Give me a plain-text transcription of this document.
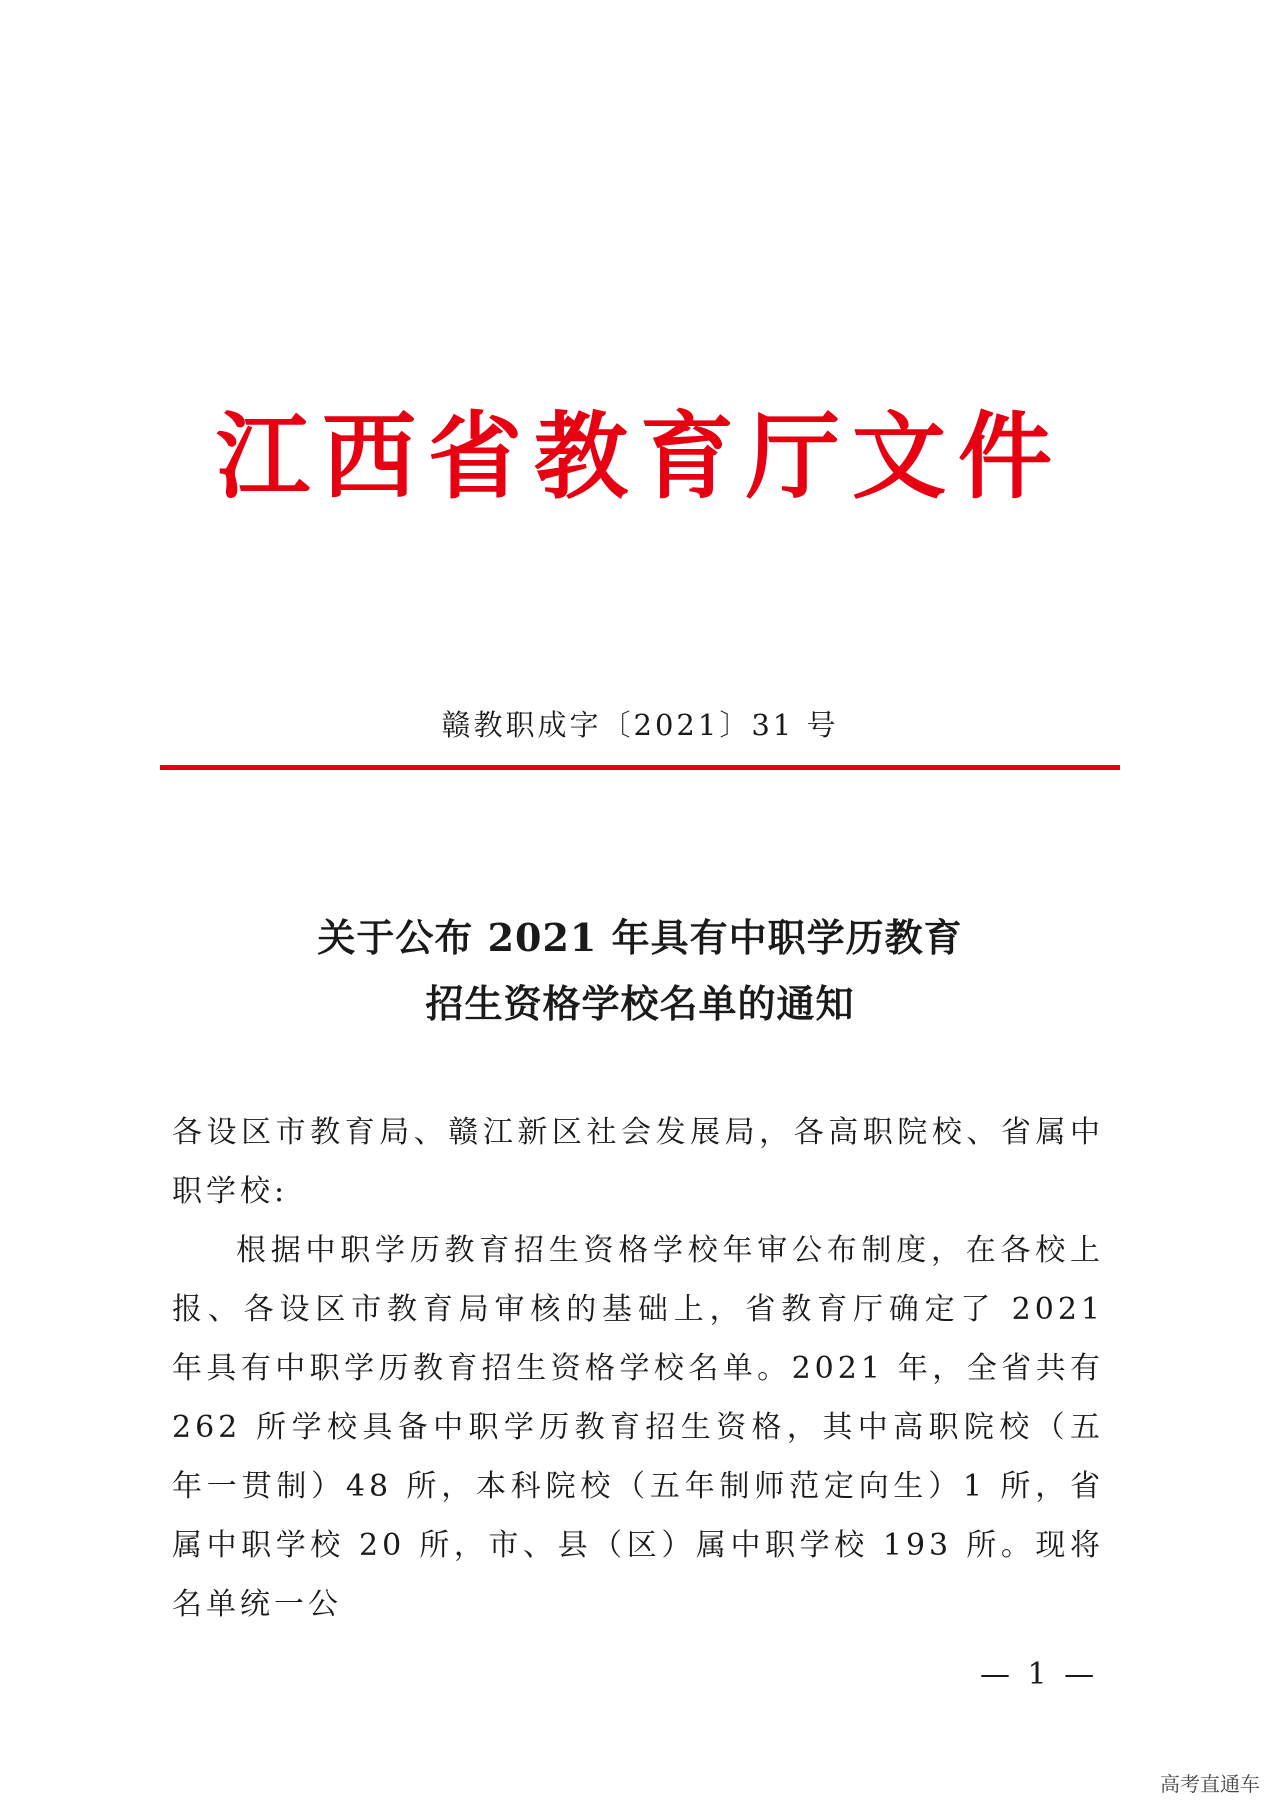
江西省教育厅文件
赣教职成字〔2021〕31 号
关于公布 2021 年具有中职学历教育
招生资格学校名单的通知

各设区市教育局、赣江新区社会发展局，各高职院校、省属中职学校:

根据中职学历教育招生资格学校年审公布制度，在各校上报、各设区市教育局审核的基础上，省教育厅确定了 2021 年具有中职学历教育招生资格学校名单。2021 年，全省共有 262 所学校具备中职学历教育招生资格，其中高职院校（五年一贯制）48 所，本科院校（五年制师范定向生）1 所，省属中职学校 20 所，市、县（区）属中职学校 193 所。现将名单统一公

— 1 —
高考直通车
